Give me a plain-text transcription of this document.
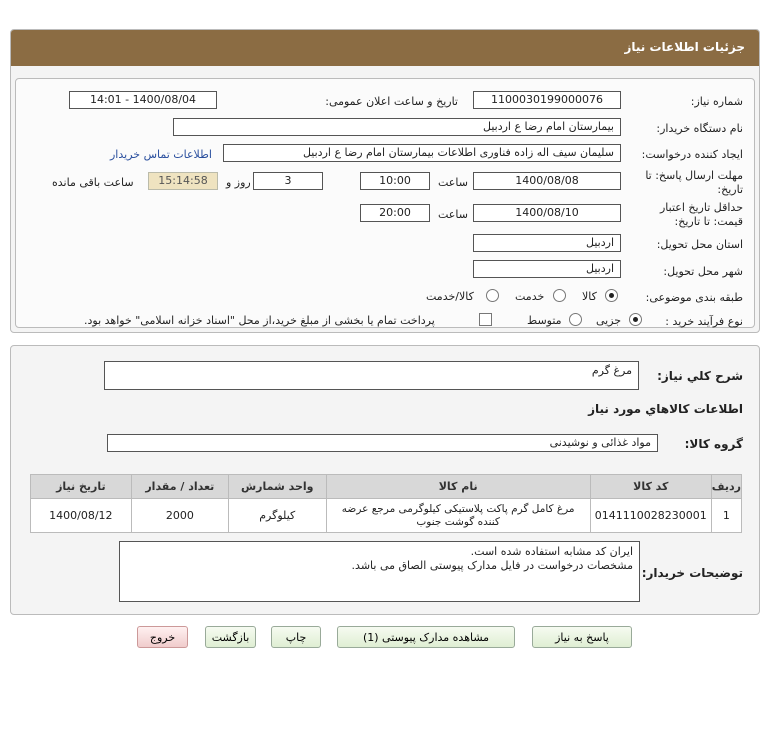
جزئیات اطلاعات نیاز
شماره نیاز:
1100030199000076
تاریخ و ساعت اعلان عمومی:
1400/08/04 - 14:01
نام دستگاه خریدار:
بیمارستان امام رضا ع اردبیل
ایجاد کننده درخواست:
سلیمان سیف اله زاده فناوری اطلاعات بیمارستان امام رضا ع اردبیل
اطلاعات تماس خریدار
مهلت ارسال پاسخ: تا
تاریخ:
1400/08/08
ساعت
10:00
3
روز و
15:14:58
ساعت باقی مانده
حداقل تاریخ اعتبار
قیمت: تا تاریخ:
1400/08/10
ساعت
20:00
استان محل تحویل:
اردبیل
شهر محل تحویل:
اردبیل
طبقه بندی موضوعی:
کالا
خدمت
کالا/خدمت
نوع فرآیند خرید :
جزیی
متوسط
پرداخت تمام یا بخشی از مبلغ خرید،از محل "اسناد خزانه اسلامی" خواهد بود.
شرح کلي نياز:
مرغ گرم
اطلاعات کالاهاي مورد نياز
گروه کالا:
مواد غذائی و نوشیدنی
ردیف	کد کالا	نام کالا	واحد شمارش	تعداد / مقدار	تاریخ نیاز
1	0141110028230001	مرغ کامل گرم پاکت پلاستیکی کیلوگرمی مرجع عرضه کننده گوشت جنوب	کیلوگرم	2000	1400/08/12
توضیحات خریدار:
ایران کد مشابه استفاده شده است.
مشخصات درخواست در فایل مدارک پیوستی الصاق می باشد.
پاسخ به نیاز
مشاهده مدارک پیوستی (1)
چاپ
بازگشت
خروج
